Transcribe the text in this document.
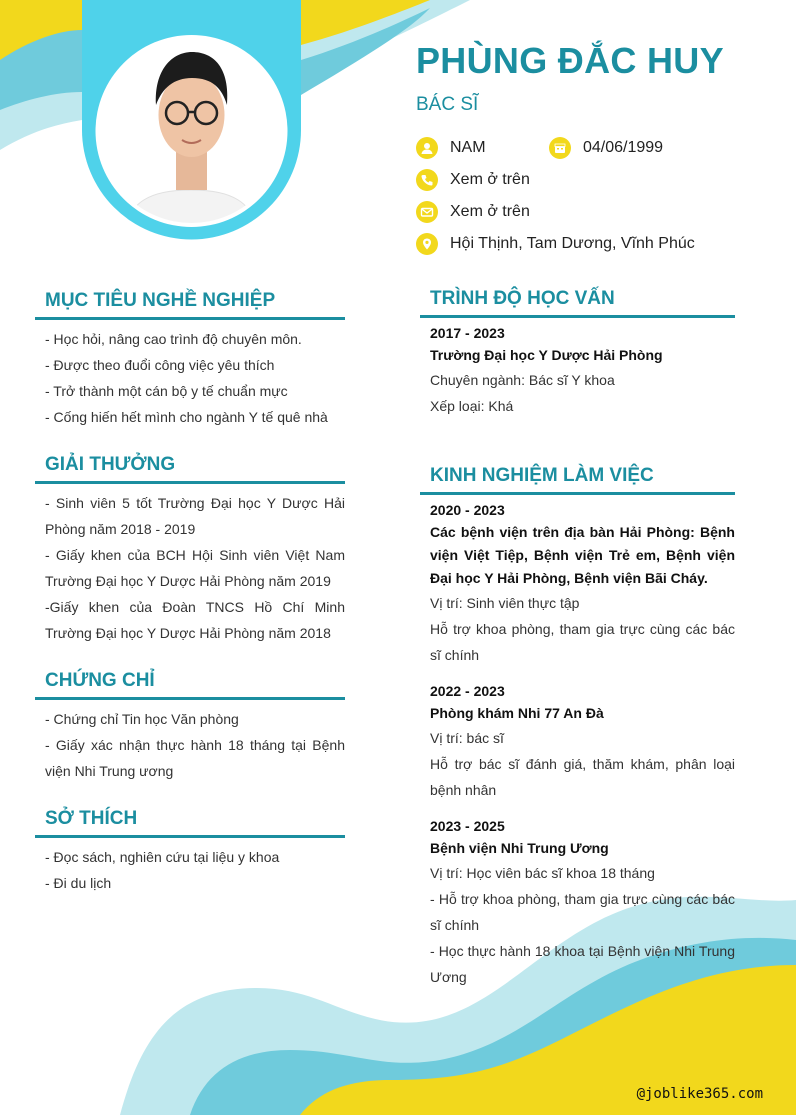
PHÙNG ĐẮC HUY
BÁC SĨ
NAM	04/06/1999
Xem ở trên
Xem ở trên
Hội Thịnh, Tam Dương, Vĩnh Phúc
MỤC TIÊU NGHỀ NGHIỆP
- Học hỏi, nâng cao trình độ chuyên môn.
- Được theo đuổi công việc yêu thích
- Trở thành một cán bộ y tế chuẩn mực
- Cống hiến hết mình cho ngành Y tế quê nhà
GIẢI THƯỞNG
- Sinh viên 5 tốt Trường Đại học Y Dược Hải Phòng năm 2018 - 2019
- Giấy khen của BCH Hội Sinh viên Việt Nam Trường Đại học Y Dược Hải Phòng năm 2019
-Giấy khen của Đoàn TNCS Hồ Chí Minh Trường Đại học Y Dược Hải Phòng năm 2018
CHỨNG CHỈ
- Chứng chỉ Tin học Văn phòng
- Giấy xác nhận thực hành 18 tháng tại Bệnh viện Nhi Trung ương
SỞ THÍCH
- Đọc sách, nghiên cứu tại liệu y khoa
- Đi du lịch
TRÌNH ĐỘ HỌC VẤN
2017 - 2023
Trường Đại học Y Dược Hải Phòng
Chuyên ngành: Bác sĩ Y khoa
Xếp loại: Khá
KINH NGHIỆM LÀM VIỆC
2020 - 2023
Các bệnh viện trên địa bàn Hải Phòng: Bệnh viện Việt Tiệp, Bệnh viện Trẻ em, Bệnh viện Đại học Y Hải Phòng, Bệnh viện Bãi Cháy.
Vị trí: Sinh viên thực tập
Hỗ trợ khoa phòng, tham gia trực cùng các bác sĩ chính
2022 - 2023
Phòng khám Nhi 77 An Đà
Vị trí: bác sĩ
Hỗ trợ bác sĩ đánh giá, thăm khám, phân loại bệnh nhân
2023 - 2025
Bệnh viện Nhi Trung Ương
Vị trí: Học viên bác sĩ khoa 18 tháng
- Hỗ trợ khoa phòng, tham gia trực cùng các bác sĩ chính
- Học thực hành 18 khoa tại Bệnh viện Nhi Trung Ương
@joblike365.com
